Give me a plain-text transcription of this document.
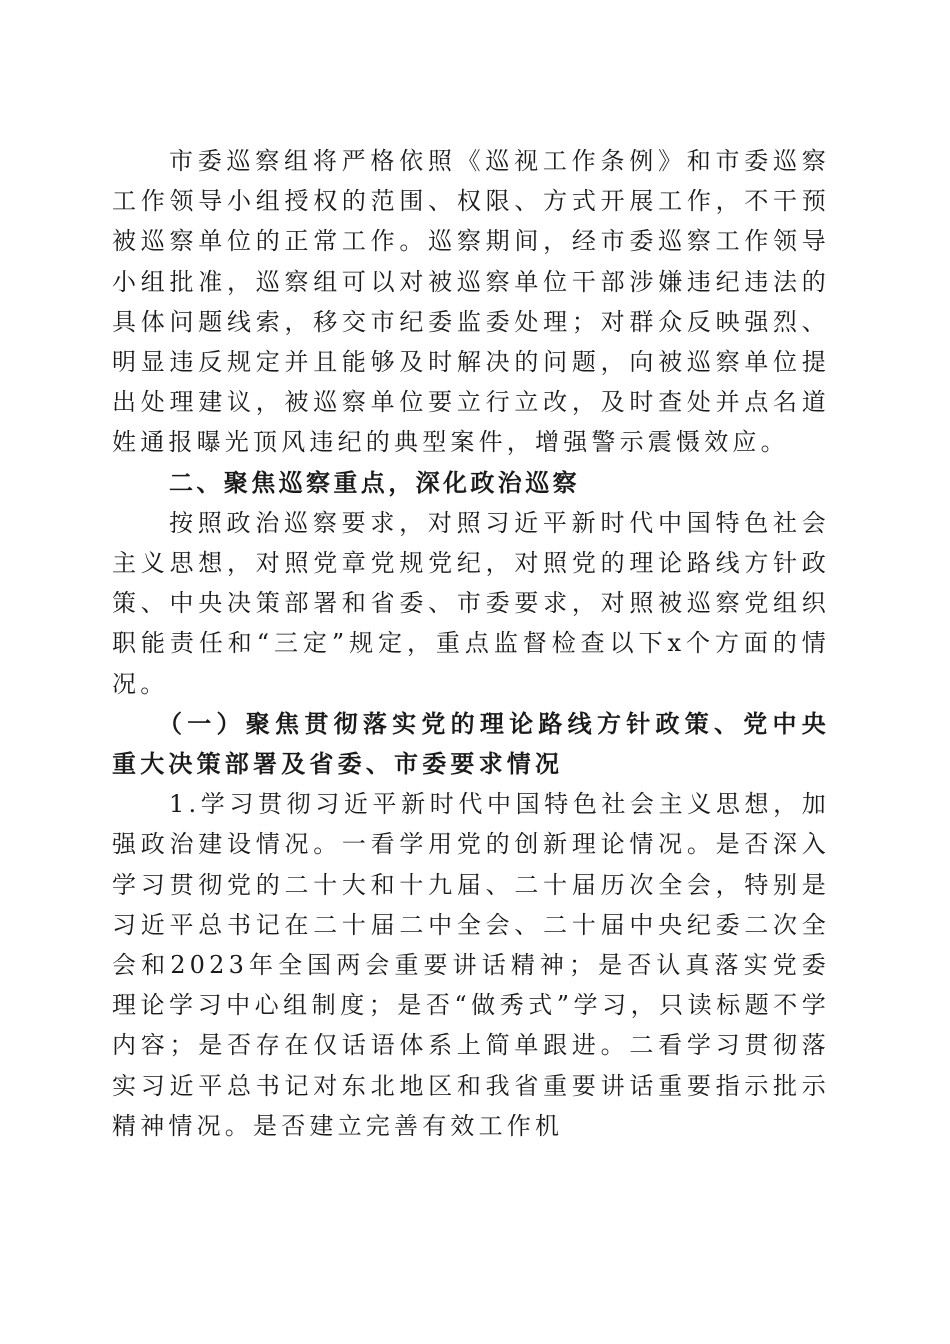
市委巡察组将严格依照《巡视工作条例》和市委巡察工作领导小组授权的范围、权限、方式开展工作，不干预被巡察单位的正常工作。巡察期间，经市委巡察工作领导小组批准，巡察组可以对被巡察单位干部涉嫌违纪违法的具体问题线索，移交市纪委监委处理；对群众反映强烈、明显违反规定并且能够及时解决的问题，向被巡察单位提出处理建议，被巡察单位要立行立改，及时查处并点名道姓通报曝光顶风违纪的典型案件，增强警示震慑效应。

二、聚焦巡察重点，深化政治巡察

按照政治巡察要求，对照习近平新时代中国特色社会主义思想，对照党章党规党纪，对照党的理论路线方针政策、中央决策部署和省委、市委要求，对照被巡察党组织职能责任和“三定”规定，重点监督检查以下x个方面的情况。

（一）聚焦贯彻落实党的理论路线方针政策、党中央重大决策部署及省委、市委要求情况

1.学习贯彻习近平新时代中国特色社会主义思想，加强政治建设情况。一看学用党的创新理论情况。是否深入学习贯彻党的二十大和十九届、二十届历次全会，特别是习近平总书记在二十届二中全会、二十届中央纪委二次全会和2023年全国两会重要讲话精神；是否认真落实党委理论学习中心组制度；是否“做秀式”学习，只读标题不学内容；是否存在仅话语体系上简单跟进。二看学习贯彻落实习近平总书记对东北地区和我省重要讲话重要指示批示精神情况。是否建立完善有效工作机
